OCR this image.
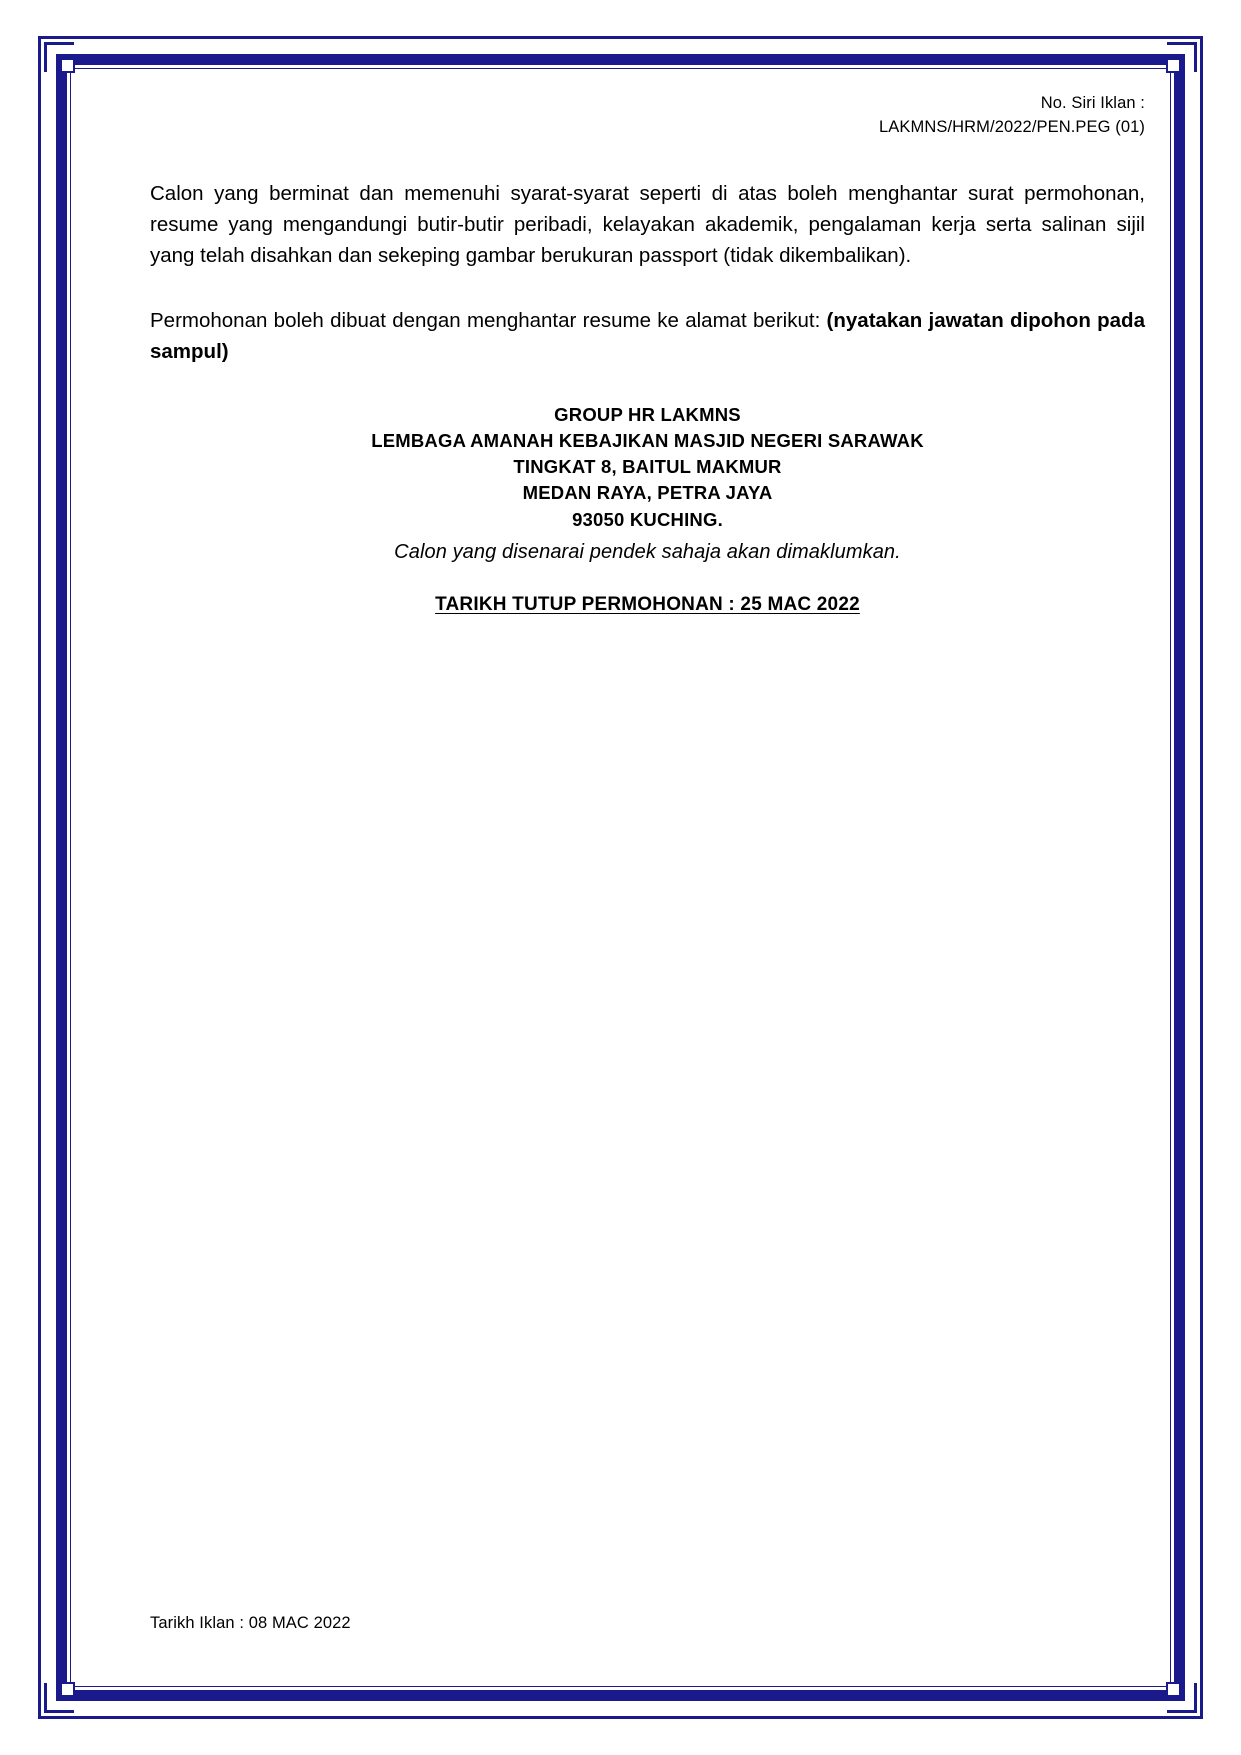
No. Siri Iklan :
LAKMNS/HRM/2022/PEN.PEG (01)
Calon yang berminat dan memenuhi syarat-syarat seperti di atas boleh menghantar surat permohonan, resume yang mengandungi butir-butir peribadi, kelayakan akademik, pengalaman kerja serta salinan sijil yang telah disahkan dan sekeping gambar berukuran passport (tidak dikembalikan).
Permohonan boleh dibuat dengan menghantar resume ke alamat berikut: (nyatakan jawatan dipohon pada sampul)
GROUP HR LAKMNS
LEMBAGA AMANAH KEBAJIKAN MASJID NEGERI SARAWAK
TINGKAT 8, BAITUL MAKMUR
MEDAN RAYA, PETRA JAYA
93050 KUCHING.
Calon yang disenarai pendek sahaja akan dimaklumkan.
TARIKH TUTUP PERMOHONAN : 25 MAC 2022
Tarikh Iklan : 08 MAC 2022
